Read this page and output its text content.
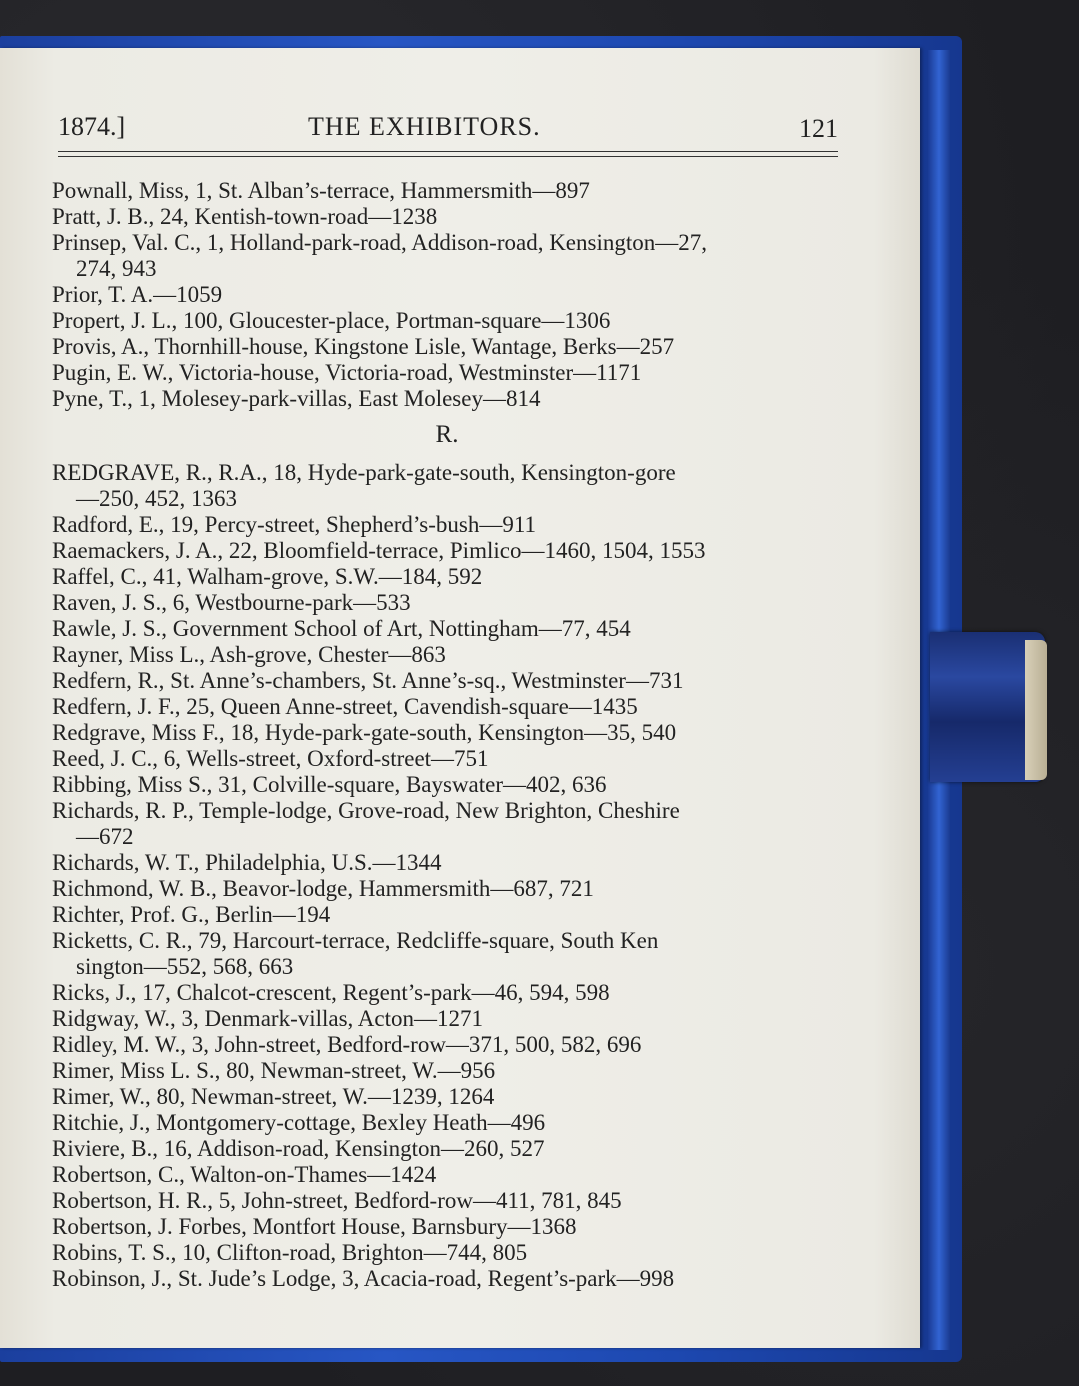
1874.]	THE EXHIBITORS.	121
Pownall, Miss, 1, St. Alban’s-terrace, Hammersmith—897
Pratt, J. B., 24, Kentish-town-road—1238
Prinsep, Val. C., 1, Holland-park-road, Addison-road, Kensington—27,
274, 943
Prior, T. A.—1059
Propert, J. L., 100, Gloucester-place, Portman-square—1306
Provis, A., Thornhill-house, Kingstone Lisle, Wantage, Berks—257
Pugin, E. W., Victoria-house, Victoria-road, Westminster—1171
Pyne, T., 1, Molesey-park-villas, East Molesey—814
R.
REDGRAVE, R., R.A., 18, Hyde-park-gate-south, Kensington-gore
—250, 452, 1363
Radford, E., 19, Percy-street, Shepherd’s-bush—911
Raemackers, J. A., 22, Bloomfield-terrace, Pimlico—1460, 1504, 1553
Raffel, C., 41, Walham-grove, S.W.—184, 592
Raven, J. S., 6, Westbourne-park—533
Rawle, J. S., Government School of Art, Nottingham—77, 454
Rayner, Miss L., Ash-grove, Chester—863
Redfern, R., St. Anne’s-chambers, St. Anne’s-sq., Westminster—731
Redfern, J. F., 25, Queen Anne-street, Cavendish-square—1435
Redgrave, Miss F., 18, Hyde-park-gate-south, Kensington—35, 540
Reed, J. C., 6, Wells-street, Oxford-street—751
Ribbing, Miss S., 31, Colville-square, Bayswater—402, 636
Richards, R. P., Temple-lodge, Grove-road, New Brighton, Cheshire
—672
Richards, W. T., Philadelphia, U.S.—1344
Richmond, W. B., Beavor-lodge, Hammersmith—687, 721
Richter, Prof. G., Berlin—194
Ricketts, C. R., 79, Harcourt-terrace, Redcliffe-square, South Ken
sington—552, 568, 663
Ricks, J., 17, Chalcot-crescent, Regent’s-park—46, 594, 598
Ridgway, W., 3, Denmark-villas, Acton—1271
Ridley, M. W., 3, John-street, Bedford-row—371, 500, 582, 696
Rimer, Miss L. S., 80, Newman-street, W.—956
Rimer, W., 80, Newman-street, W.—1239, 1264
Ritchie, J., Montgomery-cottage, Bexley Heath—496
Riviere, B., 16, Addison-road, Kensington—260, 527
Robertson, C., Walton-on-Thames—1424
Robertson, H. R., 5, John-street, Bedford-row—411, 781, 845
Robertson, J. Forbes, Montfort House, Barnsbury—1368
Robins, T. S., 10, Clifton-road, Brighton—744, 805
Robinson, J., St. Jude’s Lodge, 3, Acacia-road, Regent’s-park—998
